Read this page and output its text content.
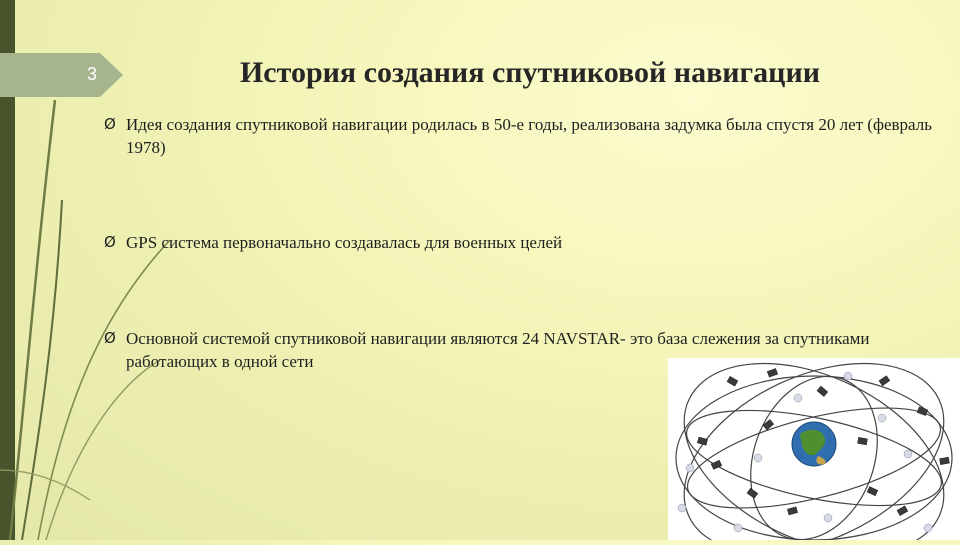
3	История создания спутниковой навигации
Ø Идея создания спутниковой навигации родилась в 50-е годы, реализована задумка была спустя 20 лет (февраль 1978)
Ø GPS система первоначально создавалась для военных целей
Ø Основной системой спутниковой навигации являются 24 NAVSTAR- это база слежения за спутниками работающих в одной сети
